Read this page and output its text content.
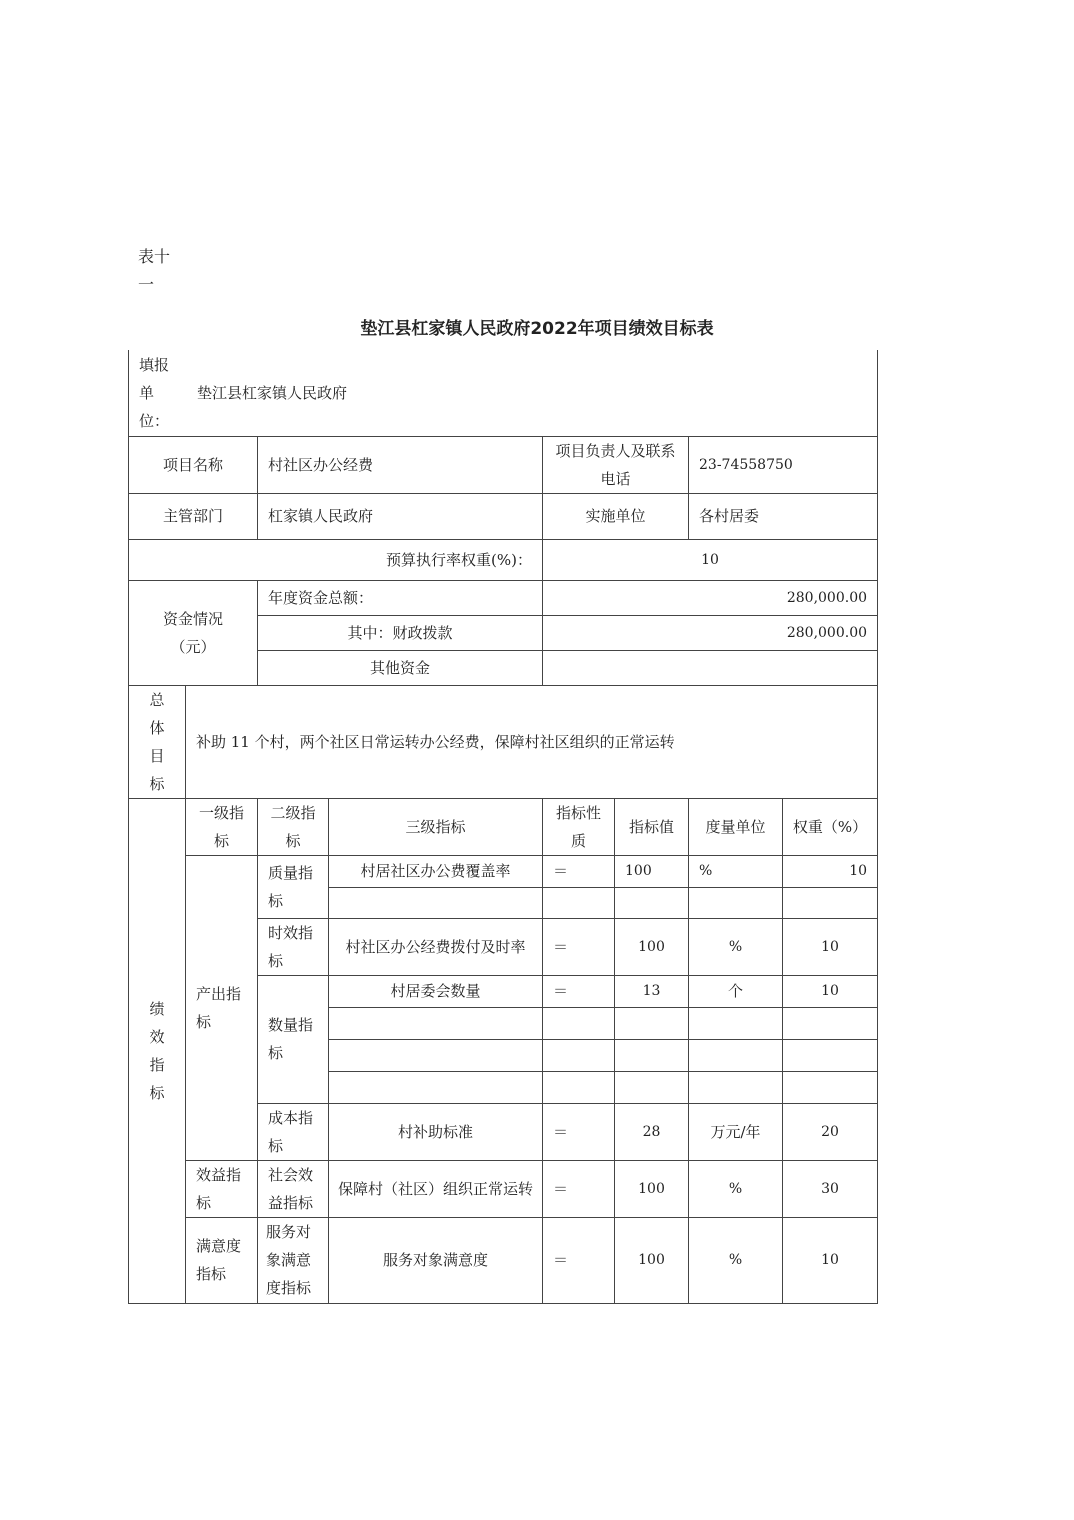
表十一
垫江县杠家镇人民政府2022年项目绩效目标表
填报单位：
垫江县杠家镇人民政府							

项目名称		村社区办公经费		项目负责人及联系电话		23-74558750	
主管部门		杠家镇人民政府		实施单位		各村居委	
预算执行率权重(%)：				10			
资金情况（元）		年度资金总额：		280,000.00			
		其中：财政拨款		280,000.00			
		其他资金					

总体目标	补助 11 个村，两个社区日常运转办公经费，保障村社区组织的正常运转						

绩效指标	一级指标	二级指标	三级指标	指标性质	指标值	度量单位	权重（%）
	产出指标	质量指标	村居社区办公费覆盖率	＝	100	%	10

		时效指标	村社区办公经费拨付及时率	＝	100	%	10
		数量指标	村居委会数量	＝	13	个	10

		成本指标	村补助标准	＝	28	万元/年	20
	效益指标	社会效益指标	保障村（社区）组织正常运转	＝	100	%	30
	满意度指标	服务对象满意度指标	服务对象满意度	＝	100	%	10
